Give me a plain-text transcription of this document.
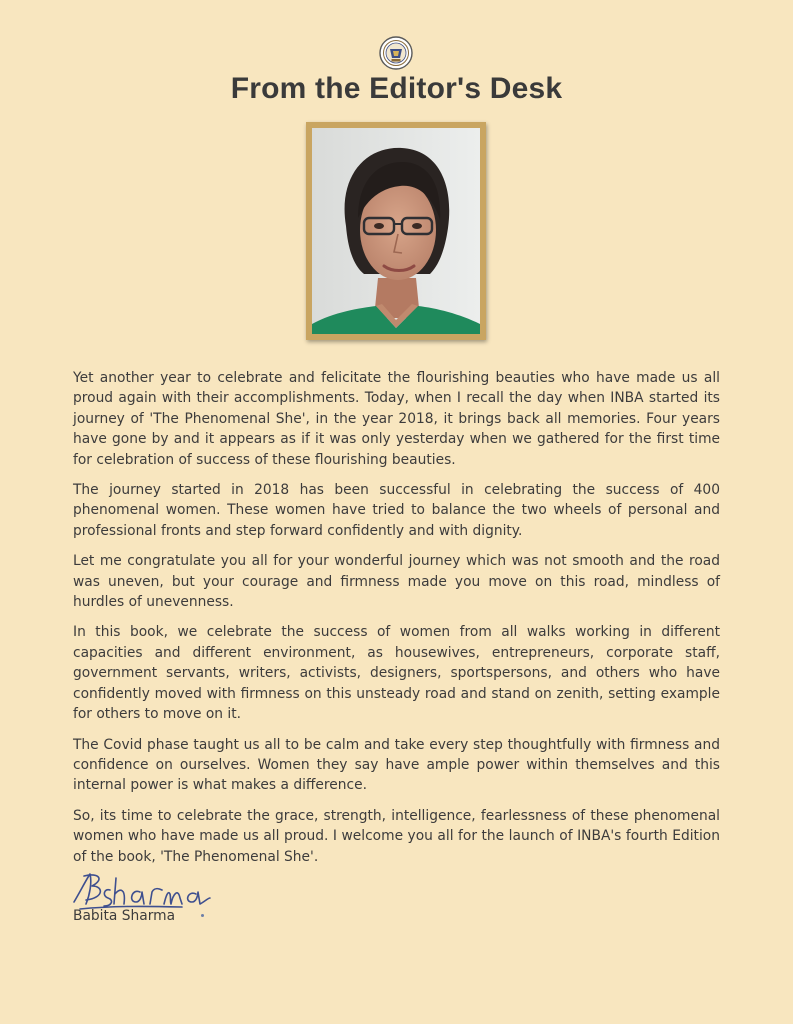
From the Editor's Desk

Yet another year to celebrate and felicitate the flourishing beauties who have made us all proud again with their accomplishments. Today, when I recall the day when INBA started its journey of 'The Phenomenal She', in the year 2018, it brings back all memories. Four years have gone by and it appears as if it was only yesterday when we gathered for the first time for celebration of success of these flourishing beauties.

The journey started in 2018 has been successful in celebrating the success of 400 phenomenal women. These women have tried to balance the two wheels of personal and professional fronts and step forward confidently and with dignity.

Let me congratulate you all for your wonderful journey which was not smooth and the road was uneven, but your courage and firmness made you move on this road, mindless of hurdles of unevenness.

In this book, we celebrate the success of women from all walks working in different capacities and different environment, as housewives, entrepreneurs, corporate staff, government servants, writers, activists, designers, sportspersons, and others who have confidently moved with firmness on this unsteady road and stand on zenith, setting example for others to move on it.

The Covid phase taught us all to be calm and take every step thoughtfully with firmness and confidence on ourselves. Women they say have ample power within themselves and this internal power is what makes a difference.

So, its time to celebrate the grace, strength, intelligence, fearlessness of these phenomenal women who have made us all proud. I welcome you all for the launch of INBA's fourth Edition of the book, 'The Phenomenal She'.

Babita Sharma
